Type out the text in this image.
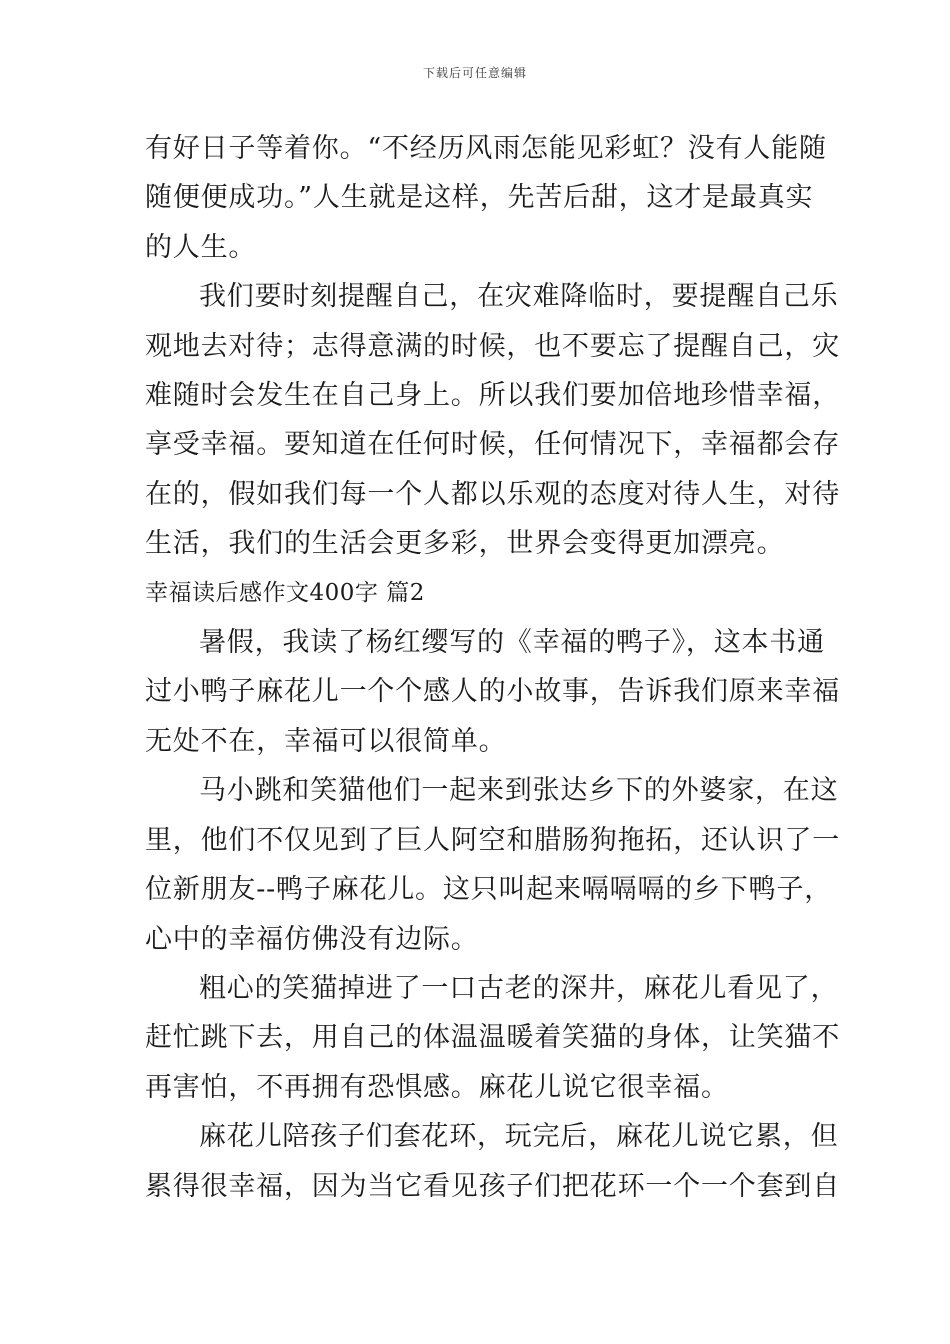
下载后可任意编辑
有好日子等着你。“不经历风雨怎能见彩虹？没有人能随
随便便成功。”人生就是这样，先苦后甜，这才是最真实
的人生。
我们要时刻提醒自己，在灾难降临时，要提醒自己乐
观地去对待；志得意满的时候，也不要忘了提醒自己，灾
难随时会发生在自己身上。所以我们要加倍地珍惜幸福，
享受幸福。要知道在任何时候，任何情况下，幸福都会存
在的，假如我们每一个人都以乐观的态度对待人生，对待
生活，我们的生活会更多彩，世界会变得更加漂亮。
幸福读后感作文400字 篇2
暑假，我读了杨红缨写的《幸福的鸭子》，这本书通
过小鸭子麻花儿一个个感人的小故事，告诉我们原来幸福
无处不在，幸福可以很简单。
马小跳和笑猫他们一起来到张达乡下的外婆家，在这
里，他们不仅见到了巨人阿空和腊肠狗拖拓，还认识了一
位新朋友--鸭子麻花儿。这只叫起来嗝嗝嗝的乡下鸭子，
心中的幸福仿佛没有边际。
粗心的笑猫掉进了一口古老的深井，麻花儿看见了，
赶忙跳下去，用自己的体温温暖着笑猫的身体，让笑猫不
再害怕，不再拥有恐惧感。麻花儿说它很幸福。
麻花儿陪孩子们套花环，玩完后，麻花儿说它累，但
累得很幸福，因为当它看见孩子们把花环一个一个套到自
